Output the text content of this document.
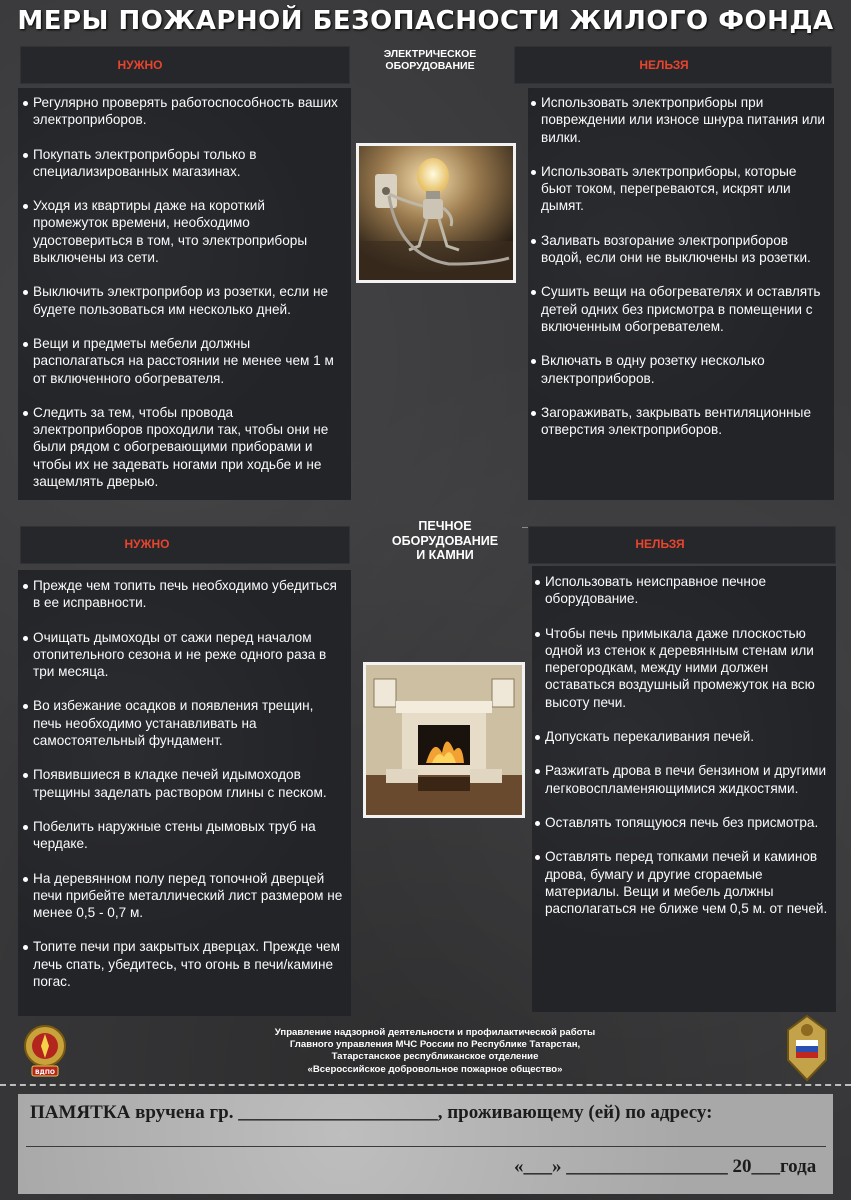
МЕРЫ ПОЖАРНОЙ БЕЗОПАСНОСТИ ЖИЛОГО ФОНДА
НУЖНО	НЕЛЬЗЯ
ЭЛЕКТРИЧЕСКОЕ
ОБОРУДОВАНИЕ
Регулярно проверять работоспособность ваших электроприборов.
Покупать электроприборы только в специализированных магазинах.
Уходя из квартиры даже на короткий промежуток времени, необходимо удостовериться в том, что электроприборы выключены из сети.
Выключить электроприбор из розетки, если не будете пользоваться им несколько дней.
Вещи и предметы мебели должны располагаться на расстоянии не менее чем 1 м от включенного обогревателя.
Следить за тем, чтобы провода электроприборов проходили так, чтобы они не были рядом с обогревающими приборами и чтобы их не задевать ногами при ходьбе и не защемлять дверью.
Использовать электроприборы при повреждении или износе шнура питания или вилки.
Использовать электроприборы, которые бьют током, перегреваются, искрят или дымят.
Заливать возгорание электроприборов водой, если они не выключены из розетки.
Сушить вещи на обогревателях и оставлять детей одних без присмотра в помещении с включенным обогревателем.
Включать в одну розетку несколько электроприборов.
Загораживать, закрывать вентиляционные отверстия электроприборов.
ПЕЧНОЕ
ОБОРУДОВАНИЕ
И КАМНИ
НУЖНО	НЕЛЬЗЯ
Прежде чем топить печь необходимо убедиться в ее исправности.
Очищать дымоходы от сажи перед началом отопительного сезона и не реже одного раза в три месяца.
Во избежание осадков и появления трещин, печь необходимо устанавливать на самостоятельный фундамент.
Появившиеся в кладке печей идымоходов трещины заделать раствором глины с песком.
Побелить наружные стены дымовых труб на чердаке.
На деревянном полу перед топочной дверцей печи прибейте металлический лист размером не менее 0,5 - 0,7 м.
Топите печи при закрытых дверцах. Прежде чем лечь спать, убедитесь, что огонь в печи/камине погас.
Использовать неисправное печное оборудование.
Чтобы печь примыкала даже плоскостью одной из стенок к деревянным стенам или перегородкам, между ними должен оставаться воздушный промежуток на всю высоту печи.
Допускать перекаливания печей.
Разжигать дрова в печи бензином и другими легковоспламеняющимися жидкостями.
Оставлять топящуюся печь без присмотра.
Оставлять перед топками печей и каминов дрова, бумагу и другие сгораемые материалы. Вещи и мебель должны располагаться не ближе чем 0,5 м. от печей.
ВДПО
Управление надзорной деятельности и профилактической работы
Главного управления МЧС России по Республике Татарстан,
Татарстанское республиканское отделение
«Всероссийское добровольное пожарное общество»
ПАМЯТКА вручена гр. _____________________, проживающему (ей) по адресу:
«___» _________________ 20___года
